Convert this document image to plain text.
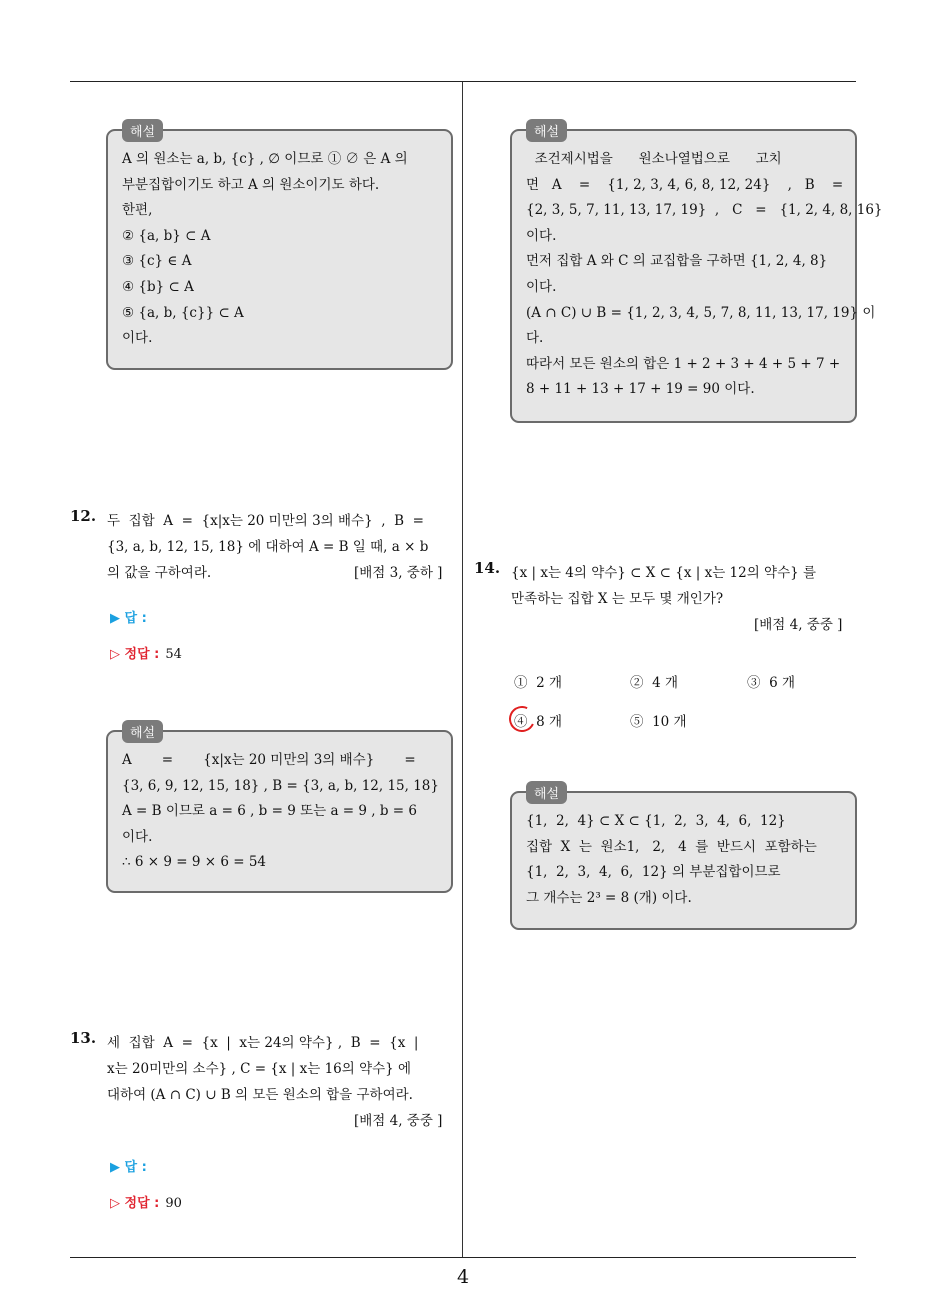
해설
A 의 원소는 a, b, {c} , ∅ 이므로 ① ∅ 은 A 의
부분집합이기도 하고 A 의 원소이기도 하다.
한편,
② {a, b} ⊂ A
③ {c} ∈ A
④ {b} ⊂ A
⑤ {a, b, {c}} ⊂ A
이다.
해설
조건제시법을      원소나열법으로      고치
면   A    =    {1, 2, 3, 4, 6, 8, 12, 24}    ,   B    =
{2, 3, 5, 7, 11, 13, 17, 19}  ,   C   =   {1, 2, 4, 8, 16}
이다.
먼저 집합 A 와 C 의 교집합을 구하면 {1, 2, 4, 8}
이다.
(A ∩ C) ∪ B = {1, 2, 3, 4, 5, 7, 8, 11, 13, 17, 19} 이
다.
따라서 모든 원소의 합은 1 + 2 + 3 + 4 + 5 + 7 +
8 + 11 + 13 + 17 + 19 = 90 이다.
12. 두  집합  A  =  {x|x는 20 미만의 3의 배수}  ,  B  =
{3, a, b, 12, 15, 18} 에 대하여 A = B 일 때, a × b
의 값을 구하여라.	[배점 3, 중하 ]
▶ 답 :
▷ 정답 : 54
해설
A       =       {x|x는 20 미만의 3의 배수}       =
{3, 6, 9, 12, 15, 18} , B = {3, a, b, 12, 15, 18}
A = B 이므로 a = 6 , b = 9 또는 a = 9 , b = 6
이다.
∴ 6 × 9 = 9 × 6 = 54
13. 세  집합  A  =  {x  |  x는 24의 약수} ,  B  =  {x  |
x는 20미만의 소수} , C = {x | x는 16의 약수} 에
대하여 (A ∩ C) ∪ B 의 모든 원소의 합을 구하여라.
[배점 4, 중중 ]
▶ 답 :
▷ 정답 : 90
14. {x | x는 4의 약수} ⊂ X ⊂ {x | x는 12의 약수} 를
만족하는 집합 X 는 모두 몇 개인가?
[배점 4, 중중 ]
①  2 개	②  4 개	③  6 개
④  8 개	⑤  10 개
해설
{1,  2,  4} ⊂ X ⊂ {1,  2,  3,  4,  6,  12}
집합  X  는  원소1,   2,   4  를  반드시  포함하는
{1,  2,  3,  4,  6,  12} 의 부분집합이므로
그 개수는 2³ = 8 (개) 이다.
4
